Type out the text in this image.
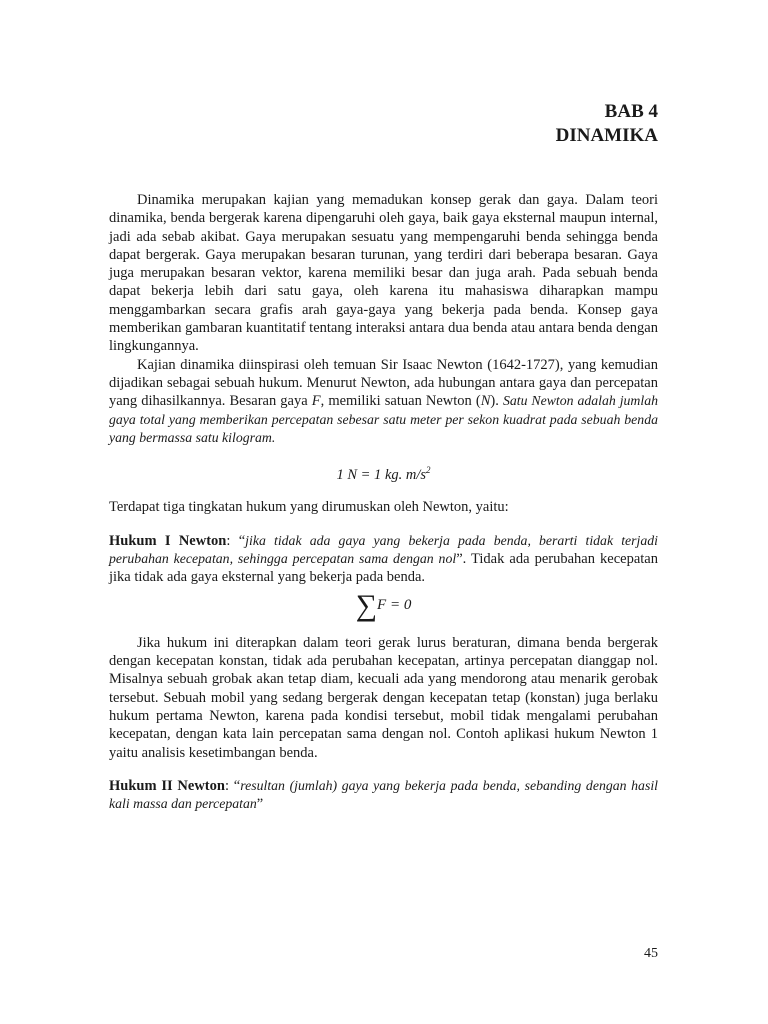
BAB 4
DINAMIKA

Dinamika merupakan kajian yang memadukan konsep gerak dan gaya. Dalam teori dinamika, benda bergerak karena dipengaruhi oleh gaya, baik gaya eksternal maupun internal, jadi ada sebab akibat. Gaya merupakan sesuatu yang mempengaruhi benda sehingga benda dapat bergerak. Gaya merupakan besaran turunan, yang terdiri dari beberapa besaran. Gaya juga merupakan besaran vektor, karena memiliki besar dan juga arah. Pada sebuah benda dapat bekerja lebih dari satu gaya, oleh karena itu mahasiswa diharapkan mampu menggambarkan secara grafis arah gaya-gaya yang bekerja pada benda. Konsep gaya memberikan gambaran kuantitatif tentang interaksi antara dua benda atau antara benda dengan lingkungannya.

Kajian dinamika diinspirasi oleh temuan Sir Isaac Newton (1642-1727), yang kemudian dijadikan sebagai sebuah hukum. Menurut Newton, ada hubungan antara gaya dan percepatan yang dihasilkannya. Besaran gaya F, memiliki satuan Newton (N). Satu Newton adalah jumlah gaya total yang memberikan percepatan sebesar satu meter per sekon kuadrat pada sebuah benda yang bermassa satu kilogram.

1 N = 1 kg. $m/s^2$

Terdapat tiga tingkatan hukum yang dirumuskan oleh Newton, yaitu:

Hukum I Newton: “jika tidak ada gaya yang bekerja pada benda, berarti tidak terjadi perubahan kecepatan, sehingga percepatan sama dengan nol”. Tidak ada perubahan kecepatan jika tidak ada gaya eksternal yang bekerja pada benda.

∑F = 0

Jika hukum ini diterapkan dalam teori gerak lurus beraturan, dimana benda bergerak dengan kecepatan konstan, tidak ada perubahan kecepatan, artinya percepatan dianggap nol. Misalnya sebuah grobak akan tetap diam, kecuali ada yang mendorong atau menarik gerobak tersebut. Sebuah mobil yang sedang bergerak dengan kecepatan tetap (konstan) juga berlaku hukum pertama Newton, karena pada kondisi tersebut, mobil tidak mengalami perubahan kecepatan, dengan kata lain percepatan sama dengan nol. Contoh aplikasi hukum Newton 1 yaitu analisis kesetimbangan benda.

Hukum II Newton: “resultan (jumlah) gaya yang bekerja pada benda, sebanding dengan hasil kali massa dan percepatan”

45
